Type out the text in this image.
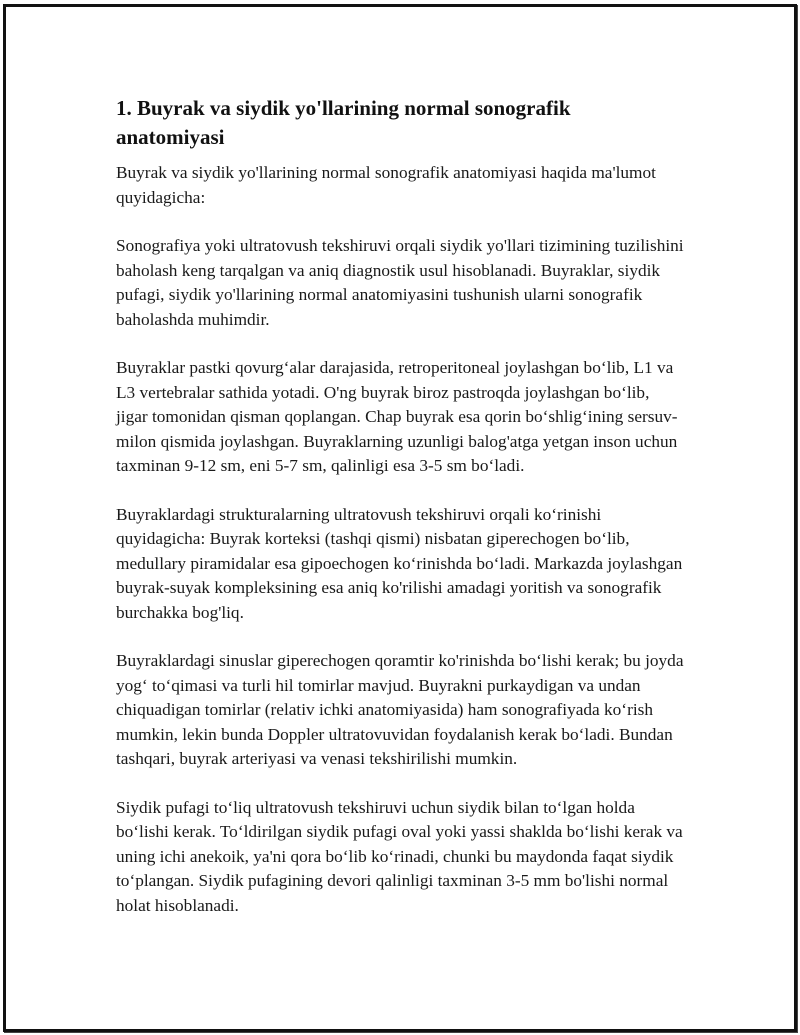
1. Buyrak va siydik yo'llarining normal sonografik anatomiyasi

Buyrak va siydik yo'llarining normal sonografik anatomiyasi haqida ma'lumot quyidagicha:

Sonografiya yoki ultratovush tekshiruvi orqali siydik yo'llari tizimining tuzilishini baholash keng tarqalgan va aniq diagnostik usul hisoblanadi. Buyraklar, siydik pufagi, siydik yo'llarining normal anatomiyasini tushunish ularni sonografik baholashda muhimdir.

Buyraklar pastki qovurg‘alar darajasida, retroperitoneal joylashgan bo‘lib, L1 va L3 vertebralar sathida yotadi. O'ng buyrak biroz pastroqda joylashgan bo‘lib, jigar tomonidan qisman qoplangan. Chap buyrak esa qorin bo‘shlig‘ining sersuv-milon qismida joylashgan. Buyraklarning uzunligi balog'atga yetgan inson uchun taxminan 9-12 sm, eni 5-7 sm, qalinligi esa 3-5 sm bo‘ladi.

Buyraklardagi strukturalarning ultratovush tekshiruvi orqali ko‘rinishi quyidagicha: Buyrak korteksi (tashqi qismi) nisbatan giperechogen bo‘lib, medullary piramidalar esa gipoechogen ko‘rinishda bo‘ladi. Markazda joylashgan buyrak-suyak kompleksining esa aniq ko'rilishi amadagi yoritish va sonografik burchakka bog'liq.

Buyraklardagi sinuslar giperechogen qoramtir ko'rinishda bo‘lishi kerak; bu joyda yog‘ to‘qimasi va turli hil tomirlar mavjud. Buyrakni purkaydigan va undan chiquadigan tomirlar (relativ ichki anatomiyasida) ham sonografiyada ko‘rish mumkin, lekin bunda Doppler ultratovuvidan foydalanish kerak bo‘ladi. Bundan tashqari, buyrak arteriyasi va venasi tekshirilishi mumkin.

Siydik pufagi to‘liq ultratovush tekshiruvi uchun siydik bilan to‘lgan holda bo‘lishi kerak. To‘ldirilgan siydik pufagi oval yoki yassi shaklda bo‘lishi kerak va uning ichi anekoik, ya'ni qora bo‘lib ko‘rinadi, chunki bu maydonda faqat siydik to‘plangan. Siydik pufagining devori qalinligi taxminan 3-5 mm bo'lishi normal holat hisoblanadi.
